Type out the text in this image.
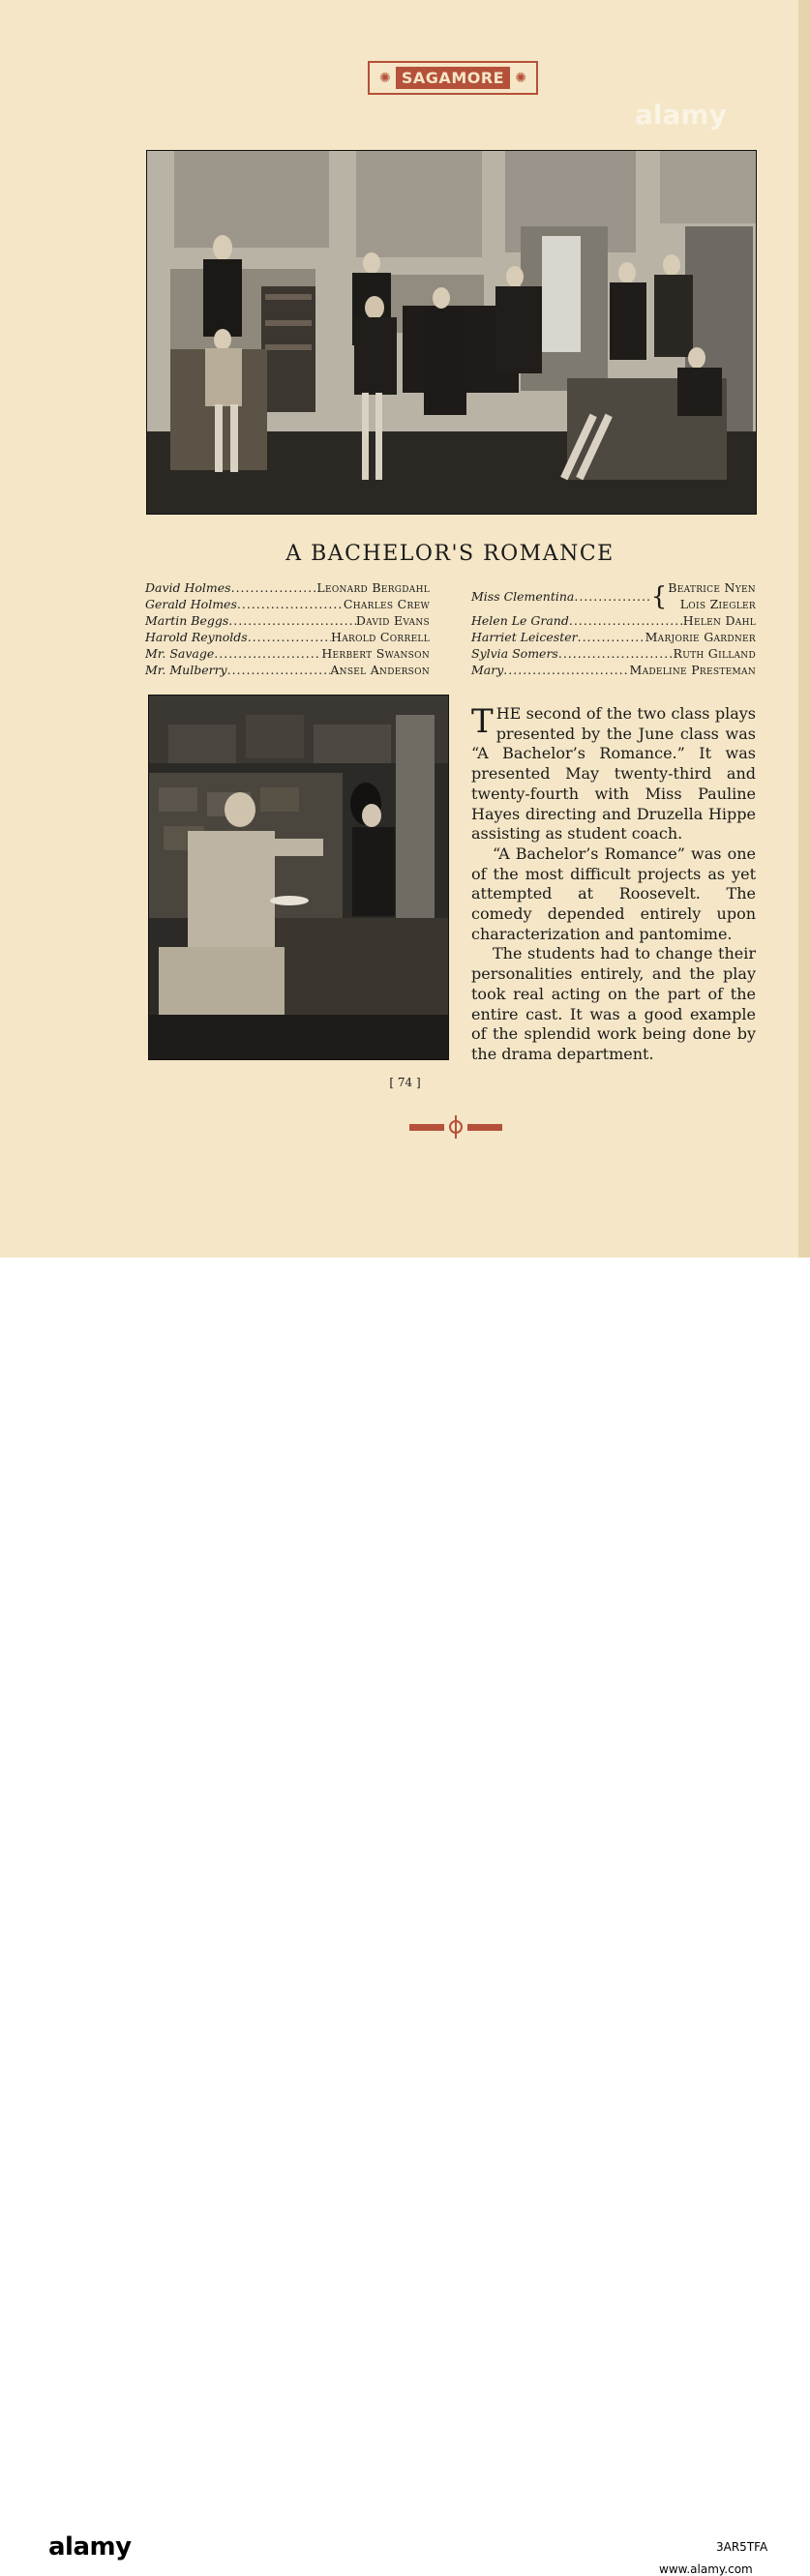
✺ SAGAMORE ✺
A BACHELOR'S ROMANCE
David Holmes .....	Leonard Bergdahl
Gerald Holmes .....	Charles Crew
Martin Beggs .....	David Evans
Harold Reynolds .....	Harold Correll
Mr. Savage .....	Herbert Swanson
Mr. Mulberry .....	Ansel Anderson
Miss Clementina .....	{ Beatrice Nyen
Lois Ziegler
Helen Le Grand .....	Helen Dahl
Harriet Leicester .....	Marjorie Gardner
Sylvia Somers .....	Ruth Gilland
Mary .....	Madeline Presteman

THE second of the two class plays presented by the June class was “A Bachelor’s Romance.” It was presented May twenty-third and twenty-fourth with Miss Pauline Hayes directing and Druzella Hippe assisting as student coach.

“A Bachelor’s Romance” was one of the most difficult projects as yet attempted at Roosevelt. The comedy depended entirely upon characterization and pantomime.

The students had to change their personalities entirely, and the play took real acting on the part of the entire cast. It was a good example of the splendid work being done by the drama department.

[ 74 ]
alamy
alamy	3AR5TFA
www.alamy.com
